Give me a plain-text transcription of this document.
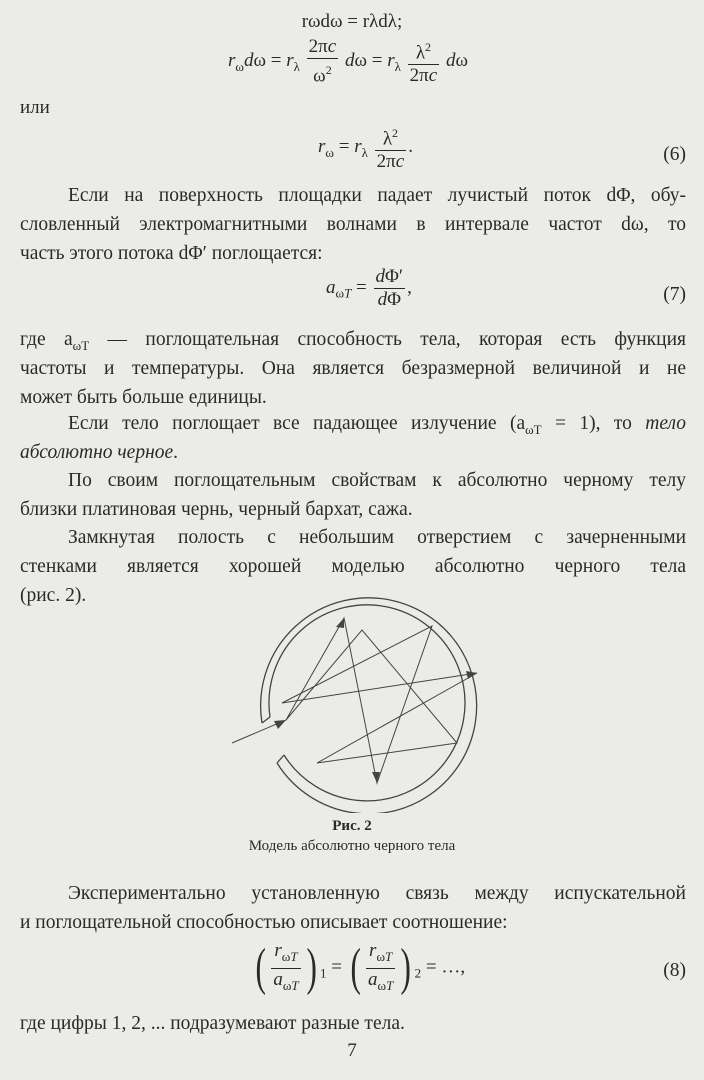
rωdω = rλdλ;
$r_\omega d\omega = r_\lambda \frac{2\pi c}{\omega^2}$ $d\omega = r_\lambda \frac{\lambda^2}{2\pi c}$ dω
или
$r_\omega = r_\lambda \frac{\lambda^2}{2\pi c}$ .	(6)
Если на поверхность площадки падает лучистый поток dΦ, обу-
словленный электромагнитными волнами в интервале частот dω, то
часть этого потока dΦ′ поглощается:
$a_{\omega T} = \frac{d\Phi'}{d\Phi}$ ,	(7)
где $a_{\omega T}$ — поглощательная способность тела, которая есть функция
частоты и температуры. Она является безразмерной величиной и не
может быть больше единицы.
Если тело поглощает все падающее излучение $(a_{\omega T} = 1)$, то тело
абсолютно черное.
По своим поглощательным свойствам к абсолютно черному телу
близки платиновая чернь, черный бархат, сажа.
Замкнутая полость с небольшим отверстием с зачерненными
стенками является хорошей моделью абсолютно черного тела
(рис. 2).
Рис. 2
Модель абсолютно черного тела
Экспериментально установленную связь между испускательной
и поглощательной способностью описывает соотношение:
( $\frac{r_{\omega T}}{a_{\omega T}}$ ) $_1$ = ( $\frac{r_{\omega T}}{a_{\omega T}}$ ) $_2$ = …,	(8)
где цифры 1, 2, ... подразумевают разные тела.
7
